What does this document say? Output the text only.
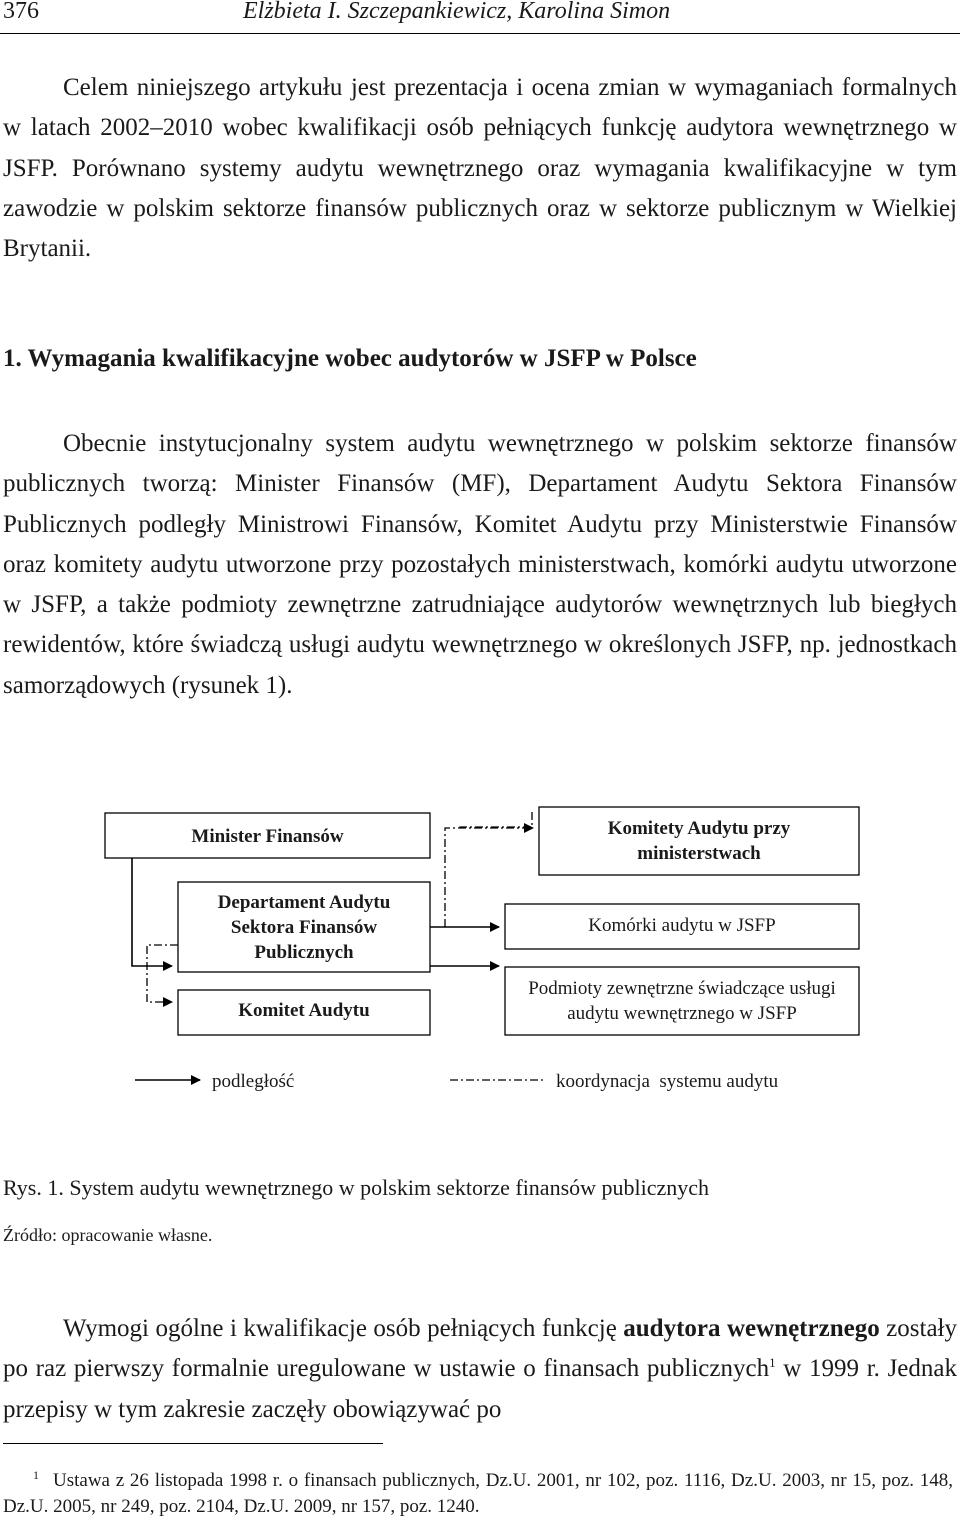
376	Elżbieta I. Szczepankiewicz, Karolina Simon

Celem niniejszego artykułu jest prezentacja i ocena zmian w wymaganiach formalnych w latach 2002–2010 wobec kwalifikacji osób pełniących funkcję audytora wewnętrznego w JSFP. Porównano systemy audytu wewnętrznego oraz wymagania kwalifikacyjne w tym zawodzie w polskim sektorze finansów publicznych oraz w sektorze publicznym w Wielkiej Brytanii.

1. Wymagania kwalifikacyjne wobec audytorów w JSFP w Polsce

Obecnie instytucjonalny system audytu wewnętrznego w polskim sektorze finansów publicznych tworzą: Minister Finansów (MF), Departament Audytu Sektora Finansów Publicznych podległy Ministrowi Finansów, Komitet Audytu przy Ministerstwie Finansów oraz komitety audytu utworzone przy pozostałych ministerstwach, komórki audytu utworzone w JSFP, a także podmioty zewnętrzne zatrudniające audytorów wewnętrznych lub biegłych rewidentów, które świadczą usługi audytu wewnętrznego w określonych JSFP, np. jednostkach samorządowych (rysunek 1).

Minister Finansów
Departament Audytu Sektora Finansów Publicznych
Komitet Audytu
Komitety Audytu przy ministerstwach
Komórki audytu w JSFP
Podmioty zewnętrzne świadczące usługi audytu wewnętrznego w JSFP
podległość	koordynacja  systemu audytu

Rys. 1. System audytu wewnętrznego w polskim sektorze finansów publicznych

Źródło: opracowanie własne.

Wymogi ogólne i kwalifikacje osób pełniących funkcję audytora wewnętrznego zostały po raz pierwszy formalnie uregulowane w ustawie o finansach publicznych$^1$ w 1999 r. Jednak przepisy w tym zakresie zaczęły obowiązywać po

$^1$ Ustawa z 26 listopada 1998 r. o finansach publicznych, Dz.U. 2001, nr 102, poz. 1116, Dz.U. 2003, nr 15, poz. 148, Dz.U. 2005, nr 249, poz. 2104, Dz.U. 2009, nr 157, poz. 1240.
